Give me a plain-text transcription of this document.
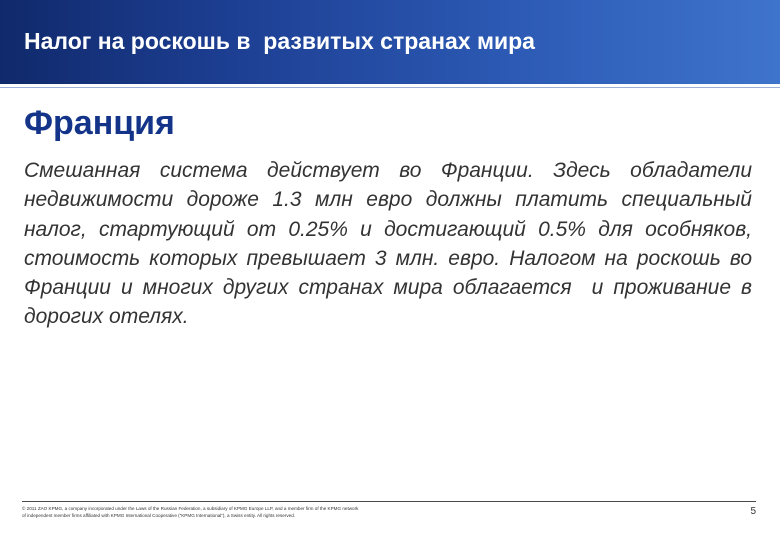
Налог на роскошь в  развитых странах мира
Франция
Смешанная система действует во Франции. Здесь обладатели недвижимости дороже 1.3 млн евро должны платить специальный налог, стартующий от 0.25% и достигающий 0.5% для особняков, стоимость которых превышает 3 млн. евро. Налогом на роскошь во Франции и многих других странах мира облагается  и проживание в дорогих отелях.
© 2011 ZAO KPMG, a company incorporated under the Laws of the Russian Federation, a subsidiary of KPMG Europe LLP, and a member firm of the KPMG network
of independent member firms affiliated with KPMG International Cooperative (“KPMG International”), a Swiss entity. All rights reserved.	5
